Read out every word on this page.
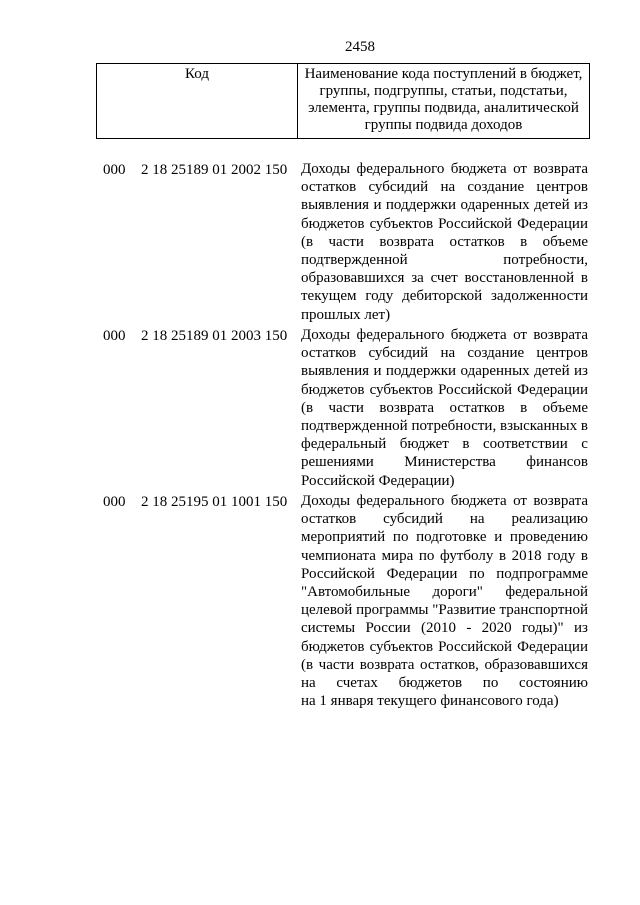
2458
Код	Наименование кода поступлений в бюджет,
группы, подгруппы, статьи, подстатьи,
элемента, группы подвида, аналитической
группы подвида доходов
000 2 18 25189 01 2002 150 Доходы федерального бюджета от возврата
остатков субсидий на создание центров
выявления и поддержки одаренных детей из
бюджетов субъектов Российской Федерации
(в части возврата остатков в объеме
подтвержденной	потребности,
образовавшихся за счет восстановленной в
текущем году дебиторской задолженности
прошлых лет)
000 2 18 25189 01 2003 150 Доходы федерального бюджета от возврата
остатков субсидий на создание центров
выявления и поддержки одаренных детей из
бюджетов субъектов Российской Федерации
(в части возврата остатков в объеме
подтвержденной потребности, взысканных в
федеральный бюджет в соответствии с
решениями Министерства финансов
Российской Федерации)
000 2 18 25195 01 1001 150 Доходы федерального бюджета от возврата
остатков субсидий на реализацию
мероприятий по подготовке и проведению
чемпионата мира по футболу в 2018 году в
Российской Федерации по подпрограмме
"Автомобильные дороги" федеральной
целевой программы "Развитие транспортной
системы России (2010 - 2020 годы)" из
бюджетов субъектов Российской Федерации
(в части возврата остатков, образовавшихся
на счетах бюджетов по состоянию
на 1 января текущего финансового года)
